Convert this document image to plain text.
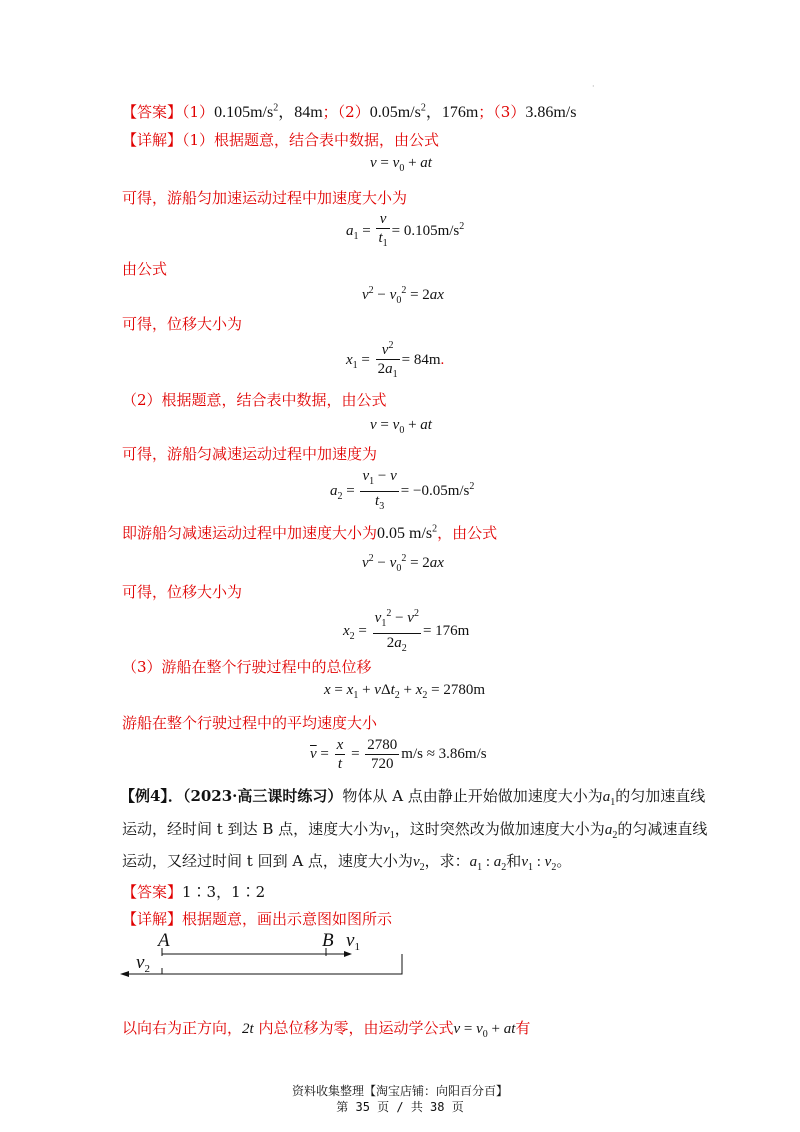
【答案】$(1)0.105m/s^2$，84m；$(2)0.05m/s^2$，176m；（3）3.86m/s
·
【详解】（1）根据题意，结合表中数据，由公式
$v = v_0$ + at
可得，游船匀加速运动过程中加速度大小为
$a_1 = \frac{v}{t_1} = 0.105m/s^2$
由公式
$v^2 - v_0^2 = 2ax$
可得，位移大小为
$x_1 = \frac{v^2}{2a_1} = 84m$.
（2）根据题意，结合表中数据，由公式
$v = v_0$ + at
可得，游船匀减速运动过程中加速度为
$a_2 = \frac{v_1 - v}{t_3} = -0.05m/s^2$
即游船匀减速运动过程中加速度大小为0.05 $m/s^2$，由公式
$v^2 - v_0^2 = 2ax$
可得，位移大小为
$x_2 = \frac{v_1^2 - v^2}{2a_2} = 176m$
（3）游船在整个行驶过程中的总位移
$x = x_1 + v\Delta t_2 + x_2 = 2780m$
游船在整个行驶过程中的平均速度大小
$\overline{v} = \frac{x}{t} = \frac{2780}{720} m/s \approx 3.86m/s$
【例4】．（2023·高三课时练习）物体从 A 点由静止开始做加速度大小为$a_1$的匀加速直线
运动，经时间 t 到达 B 点，速度大小为$v_1$，这时突然改为做加速度大小为$a_2$的匀减速直线
运动，又经过时间 t 回到 A 点，速度大小为$v_2$，求：$a_1$ : $a_2$和$v_1$ : $v_2$。
【答案】1∶3，1∶2
【详解】根据题意，画出示意图如图所示
A	B $v_1$
$v_2$
以向右为正方向，2t 内总位移为零，由运动学公式$v = v_0$ + at有
资料收集整理【淘宝店铺：向阳百分百】
第 35 页 / 共 38 页
